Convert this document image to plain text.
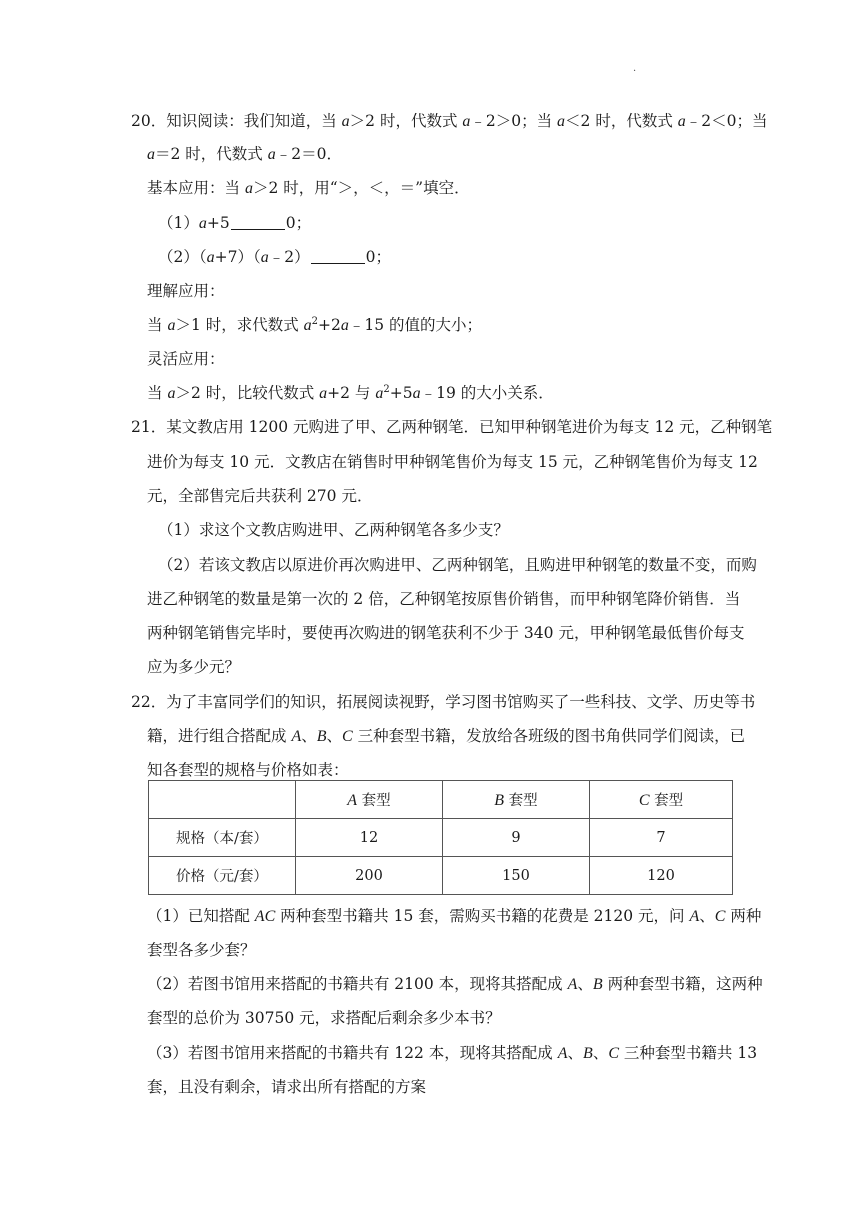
·
20．知识阅读：我们知道，当 a＞2 时，代数式 a﹣2＞0；当 a＜2 时，代数式 a﹣2＜0；当
a＝2 时，代数式 a﹣2＝0．
基本应用：当 a＞2 时，用“＞，＜，＝”填空．
（1）a+5	0；
（2）（a+7）（a﹣2）	0；
理解应用：
当 a＞1 时，求代数式 $a^2+2a﹣15$ 的值的大小；
灵活应用：
当 a＞2 时，比较代数式 a+2 与 $a^2+5a﹣19$ 的大小关系．
21．某文教店用 1200 元购进了甲、乙两种钢笔．已知甲种钢笔进价为每支 12 元，乙种钢笔
进价为每支 10 元．文教店在销售时甲种钢笔售价为每支 15 元，乙种钢笔售价为每支 12
元，全部售完后共获利 270 元．
（1）求这个文教店购进甲、乙两种钢笔各多少支？
（2）若该文教店以原进价再次购进甲、乙两种钢笔，且购进甲种钢笔的数量不变，而购
进乙种钢笔的数量是第一次的 2 倍，乙种钢笔按原售价销售，而甲种钢笔降价销售．当
两种钢笔销售完毕时，要使再次购进的钢笔获利不少于 340 元，甲种钢笔最低售价每支
应为多少元？
22．为了丰富同学们的知识，拓展阅读视野，学习图书馆购买了一些科技、文学、历史等书
籍，进行组合搭配成 A、B、C 三种套型书籍，发放给各班级的图书角供同学们阅读，已
知各套型的规格与价格如表：
	A 套型	B 套型	C 套型
规格（本/套）	12	9	7
价格（元/套）	200	150	120
（1）已知搭配 AC 两种套型书籍共 15 套，需购买书籍的花费是 2120 元，问 A、C 两种
套型各多少套？
（2）若图书馆用来搭配的书籍共有 2100 本，现将其搭配成 A、B 两种套型书籍，这两种
套型的总价为 30750 元，求搭配后剩余多少本书？
（3）若图书馆用来搭配的书籍共有 122 本，现将其搭配成 A、B、C 三种套型书籍共 13
套，且没有剩余，请求出所有搭配的方案
